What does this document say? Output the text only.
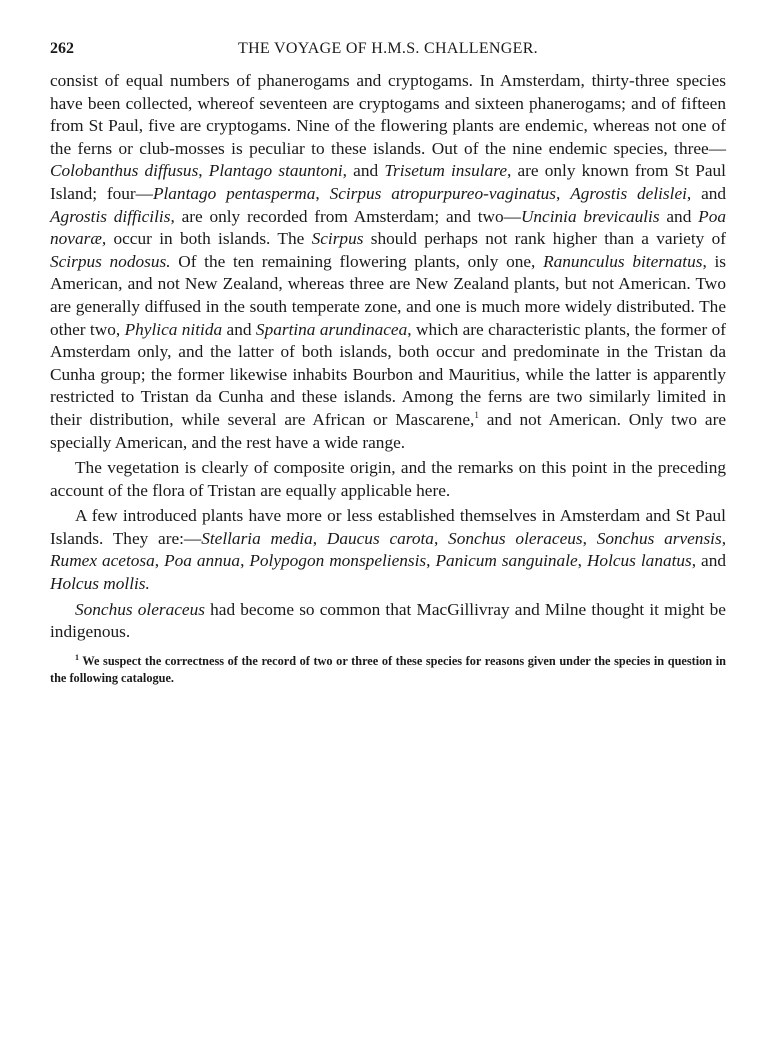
262	THE VOYAGE OF H.M.S. CHALLENGER.

consist of equal numbers of phanerogams and cryptogams. In Amsterdam, thirty-three species have been collected, whereof seventeen are cryptogams and sixteen phanerogams; and of fifteen from St Paul, five are cryptogams. Nine of the flowering plants are endemic, whereas not one of the ferns or club-mosses is peculiar to these islands. Out of the nine endemic species, three—Colobanthus diffusus, Plantago stauntoni, and Trisetum insulare, are only known from St Paul Island; four—Plantago pentasperma, Scirpus atropurpureo-vaginatus, Agrostis delislei, and Agrostis difficilis, are only recorded from Amsterdam; and two—Uncinia brevicaulis and Poa novaræ, occur in both islands. The Scirpus should perhaps not rank higher than a variety of Scirpus nodosus. Of the ten remaining flowering plants, only one, Ranunculus biternatus, is American, and not New Zealand, whereas three are New Zealand plants, but not American. Two are generally diffused in the south temperate zone, and one is much more widely distributed. The other two, Phylica nitida and Spartina arundinacea, which are characteristic plants, the former of Amsterdam only, and the latter of both islands, both occur and predominate in the Tristan da Cunha group; the former likewise inhabits Bourbon and Mauritius, while the latter is apparently restricted to Tristan da Cunha and these islands. Among the ferns are two similarly limited in their distribution, while several are African or Mascarene,$^1$ and not American. Only two are specially American, and the rest have a wide range.

The vegetation is clearly of composite origin, and the remarks on this point in the preceding account of the flora of Tristan are equally applicable here.

A few introduced plants have more or less established themselves in Amsterdam and St Paul Islands. They are:—Stellaria media, Daucus carota, Sonchus oleraceus, Sonchus arvensis, Rumex acetosa, Poa annua, Polypogon monspeliensis, Panicum sanguinale, Holcus lanatus, and Holcus mollis.

Sonchus oleraceus had become so common that MacGillivray and Milne thought it might be indigenous.

$^1$ We suspect the correctness of the record of two or three of these species for reasons given under the species in question in the following catalogue.
